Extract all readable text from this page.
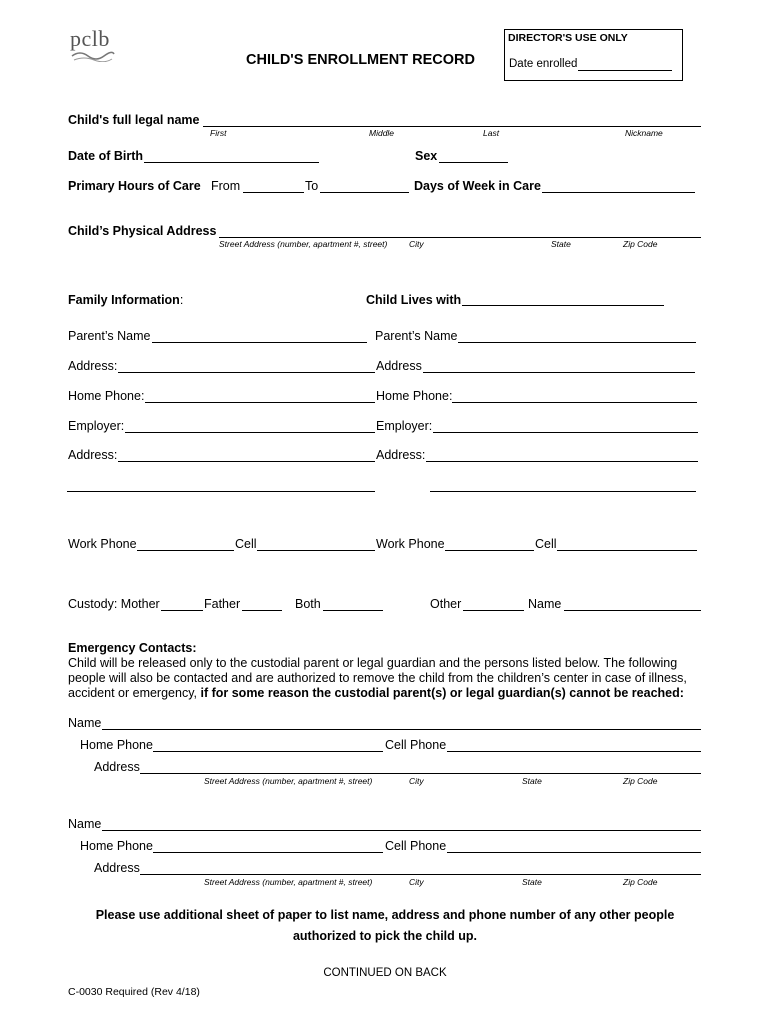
pclb
CHILD'S ENROLLMENT RECORD
DIRECTOR'S USE ONLY
Date enrolled
Child's full legal name
First	Middle	Last	Nickname
Date of Birth	Sex
Primary Hours of Care From	To	Days of Week in Care
Child’s Physical Address
Street Address (number, apartment #, street)	City	State	Zip Code
Family Information:	Child Lives with
Parent’s Name	Parent’s Name
Address:	Address
Home Phone:	Home Phone:
Employer:	Employer:
Address:	Address:
Work Phone	Cell	Work Phone	Cell
Custody: Mother	Father	Both	Other	Name
Emergency Contacts:
Child will be released only to the custodial parent or legal guardian and the persons listed below. The following
people will also be contacted and are authorized to remove the child from the children’s center in case of illness,
accident or emergency, if for some reason the custodial parent(s) or legal guardian(s) cannot be reached:
Name
Home Phone	Cell Phone
Address
Street Address (number, apartment #, street)	City	State	Zip Code
Name
Home Phone	Cell Phone
Address
Street Address (number, apartment #, street)	City	State	Zip Code
Please use additional sheet of paper to list name, address and phone number of any other people
authorized to pick the child up.
CONTINUED ON BACK
C-0030 Required (Rev 4/18)
